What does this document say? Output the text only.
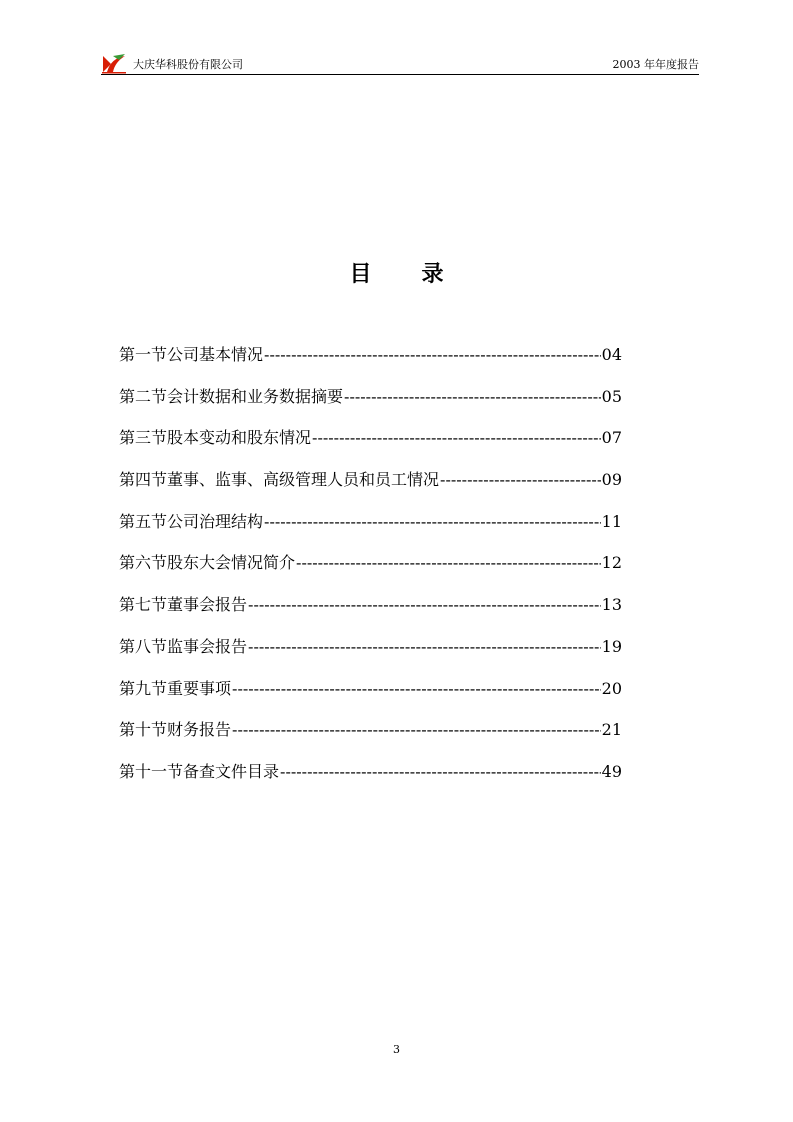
大庆华科股份有限公司	2003 年年度报告
目 录
第一节 公司基本情况 -----	04
第二节 会计数据和业务数据摘要 -----	05
第三节 股本变动和股东情况 -----	07
第四节 董事、监事、高级管理人员和员工情况 -----	09
第五节 公司治理结构 -----	11
第六节 股东大会情况简介 -----	12
第七节 董事会报告 -----	13
第八节 监事会报告 -----	19
第九节 重要事项 -----	20
第十节 财务报告 -----	21
第十一节 备查文件目录 -----	49
3
